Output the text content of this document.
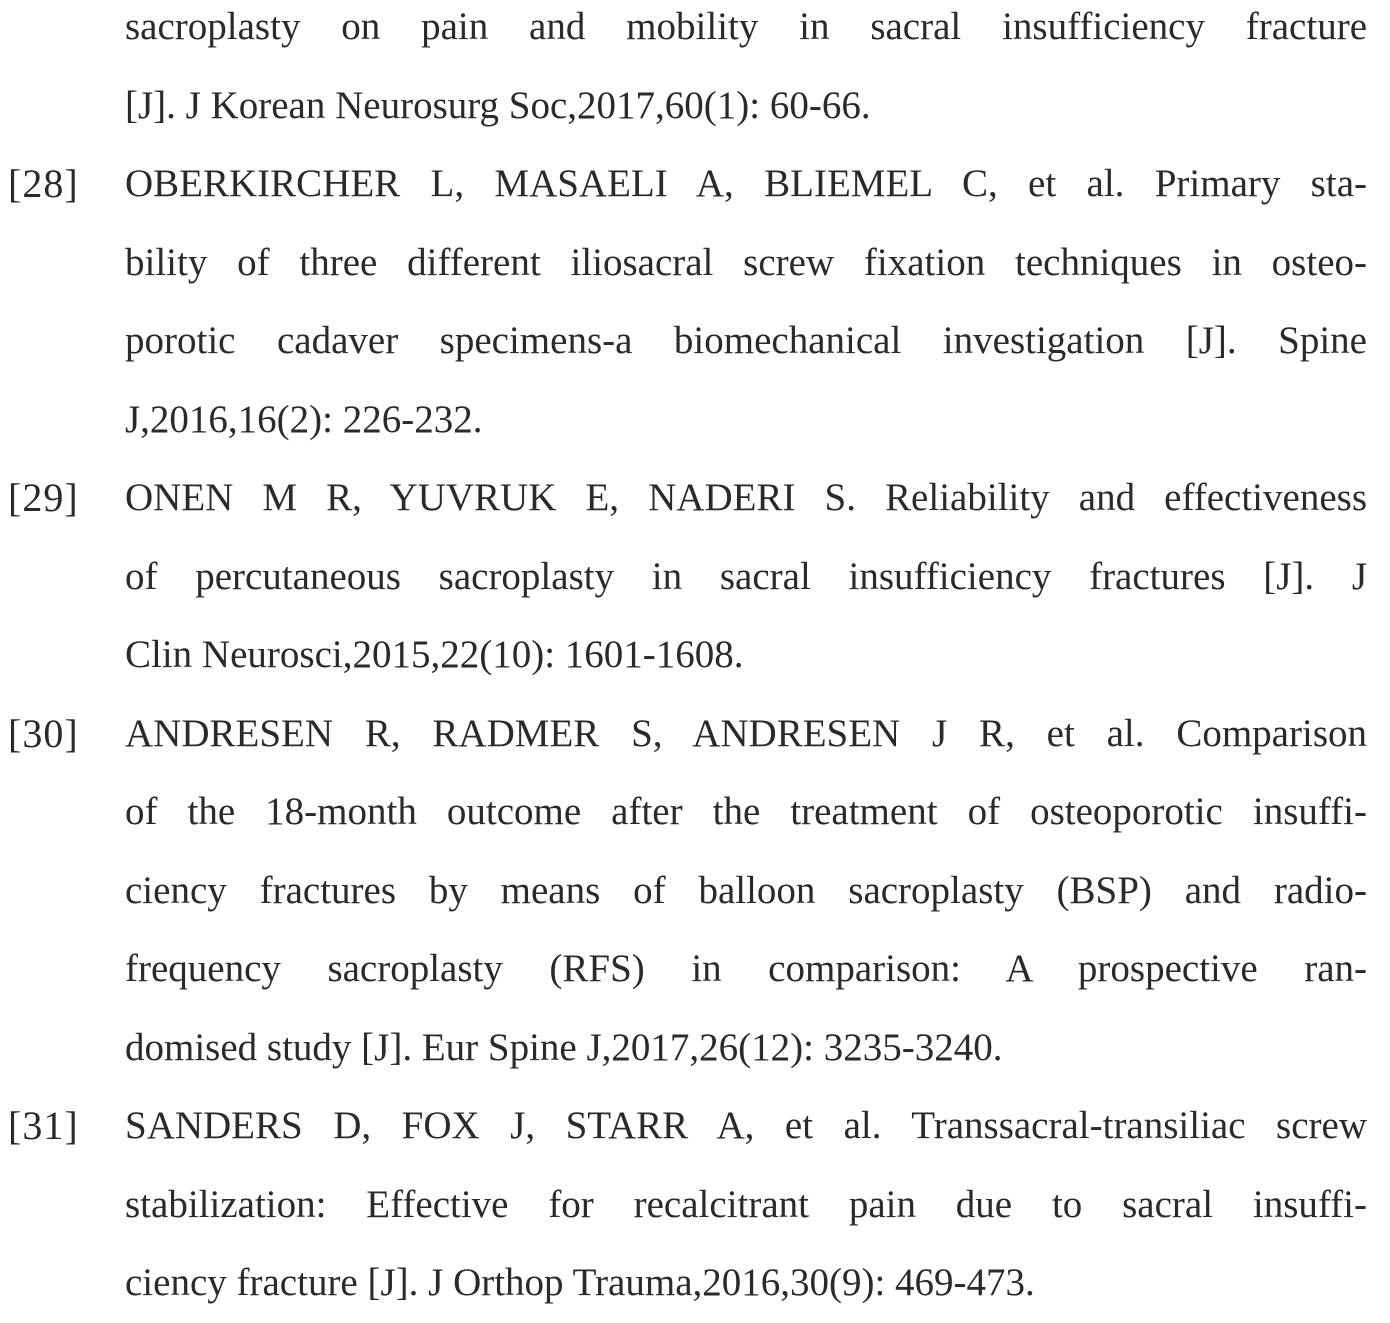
sacroplasty on pain and mobility in sacral insufficiency fracture
[J]. J Korean Neurosurg Soc,2017,60(1): 60-66.
[28] OBERKIRCHER L, MASAELI A, BLIEMEL C, et al. Primary sta-
bility of three different iliosacral screw fixation techniques in osteo-
porotic cadaver specimens-a biomechanical investigation [J]. Spine
J,2016,16(2): 226-232.
[29] ONEN M R, YUVRUK E, NADERI S. Reliability and effectiveness
of percutaneous sacroplasty in sacral insufficiency fractures [J]. J
Clin Neurosci,2015,22(10): 1601-1608.
[30] ANDRESEN R, RADMER S, ANDRESEN J R, et al. Comparison
of the 18-month outcome after the treatment of osteoporotic insuffi-
ciency fractures by means of balloon sacroplasty (BSP) and radio-
frequency sacroplasty (RFS) in comparison: A prospective ran-
domised study [J]. Eur Spine J,2017,26(12): 3235-3240.
[31] SANDERS D, FOX J, STARR A, et al. Transsacral-transiliac screw
stabilization: Effective for recalcitrant pain due to sacral insuffi-
ciency fracture [J]. J Orthop Trauma,2016,30(9): 469-473.
